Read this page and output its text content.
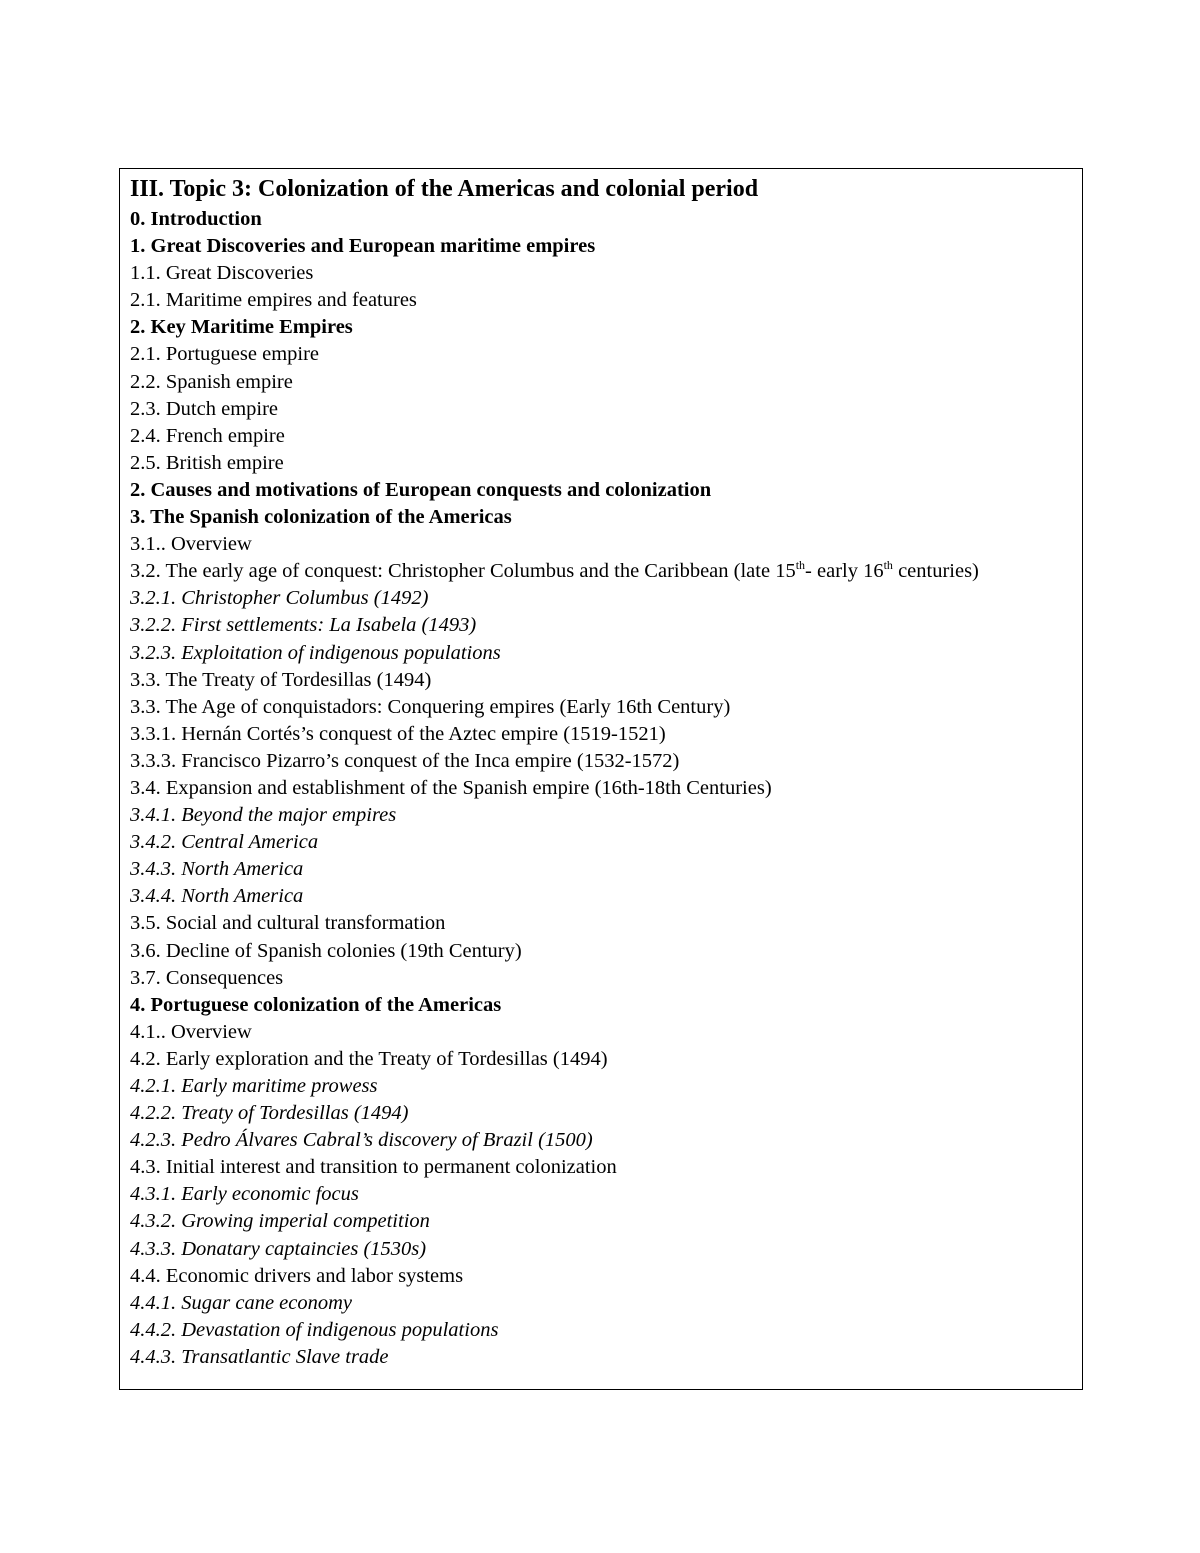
III. Topic 3: Colonization of the Americas and colonial period
0. Introduction
1. Great Discoveries and European maritime empires
1.1. Great Discoveries
2.1. Maritime empires and features
2. Key Maritime Empires
2.1. Portuguese empire
2.2. Spanish empire
2.3. Dutch empire
2.4. French empire
2.5. British empire
2. Causes and motivations of European conquests and colonization
3. The Spanish colonization of the Americas
3.1.. Overview
3.2. The early age of conquest: Christopher Columbus and the Caribbean (late 15th- early 16th centuries)
3.2.1. Christopher Columbus (1492)
3.2.2. First settlements: La Isabela (1493)
3.2.3. Exploitation of indigenous populations
3.3. The Treaty of Tordesillas (1494)
3.3. The Age of conquistadors: Conquering empires (Early 16th Century)
3.3.1. Hernán Cortés’s conquest of the Aztec empire (1519-1521)
3.3.3. Francisco Pizarro’s conquest of the Inca empire (1532-1572)
3.4. Expansion and establishment of the Spanish empire (16th-18th Centuries)
3.4.1. Beyond the major empires
3.4.2. Central America
3.4.3. North America
3.4.4. North America
3.5. Social and cultural transformation
3.6. Decline of Spanish colonies (19th Century)
3.7. Consequences
4. Portuguese colonization of the Americas
4.1.. Overview
4.2. Early exploration and the Treaty of Tordesillas (1494)
4.2.1. Early maritime prowess
4.2.2. Treaty of Tordesillas (1494)
4.2.3. Pedro Álvares Cabral’s discovery of Brazil (1500)
4.3. Initial interest and transition to permanent colonization
4.3.1. Early economic focus
4.3.2. Growing imperial competition
4.3.3. Donatary captaincies (1530s)
4.4. Economic drivers and labor systems
4.4.1. Sugar cane economy
4.4.2. Devastation of indigenous populations
4.4.3. Transatlantic Slave trade
